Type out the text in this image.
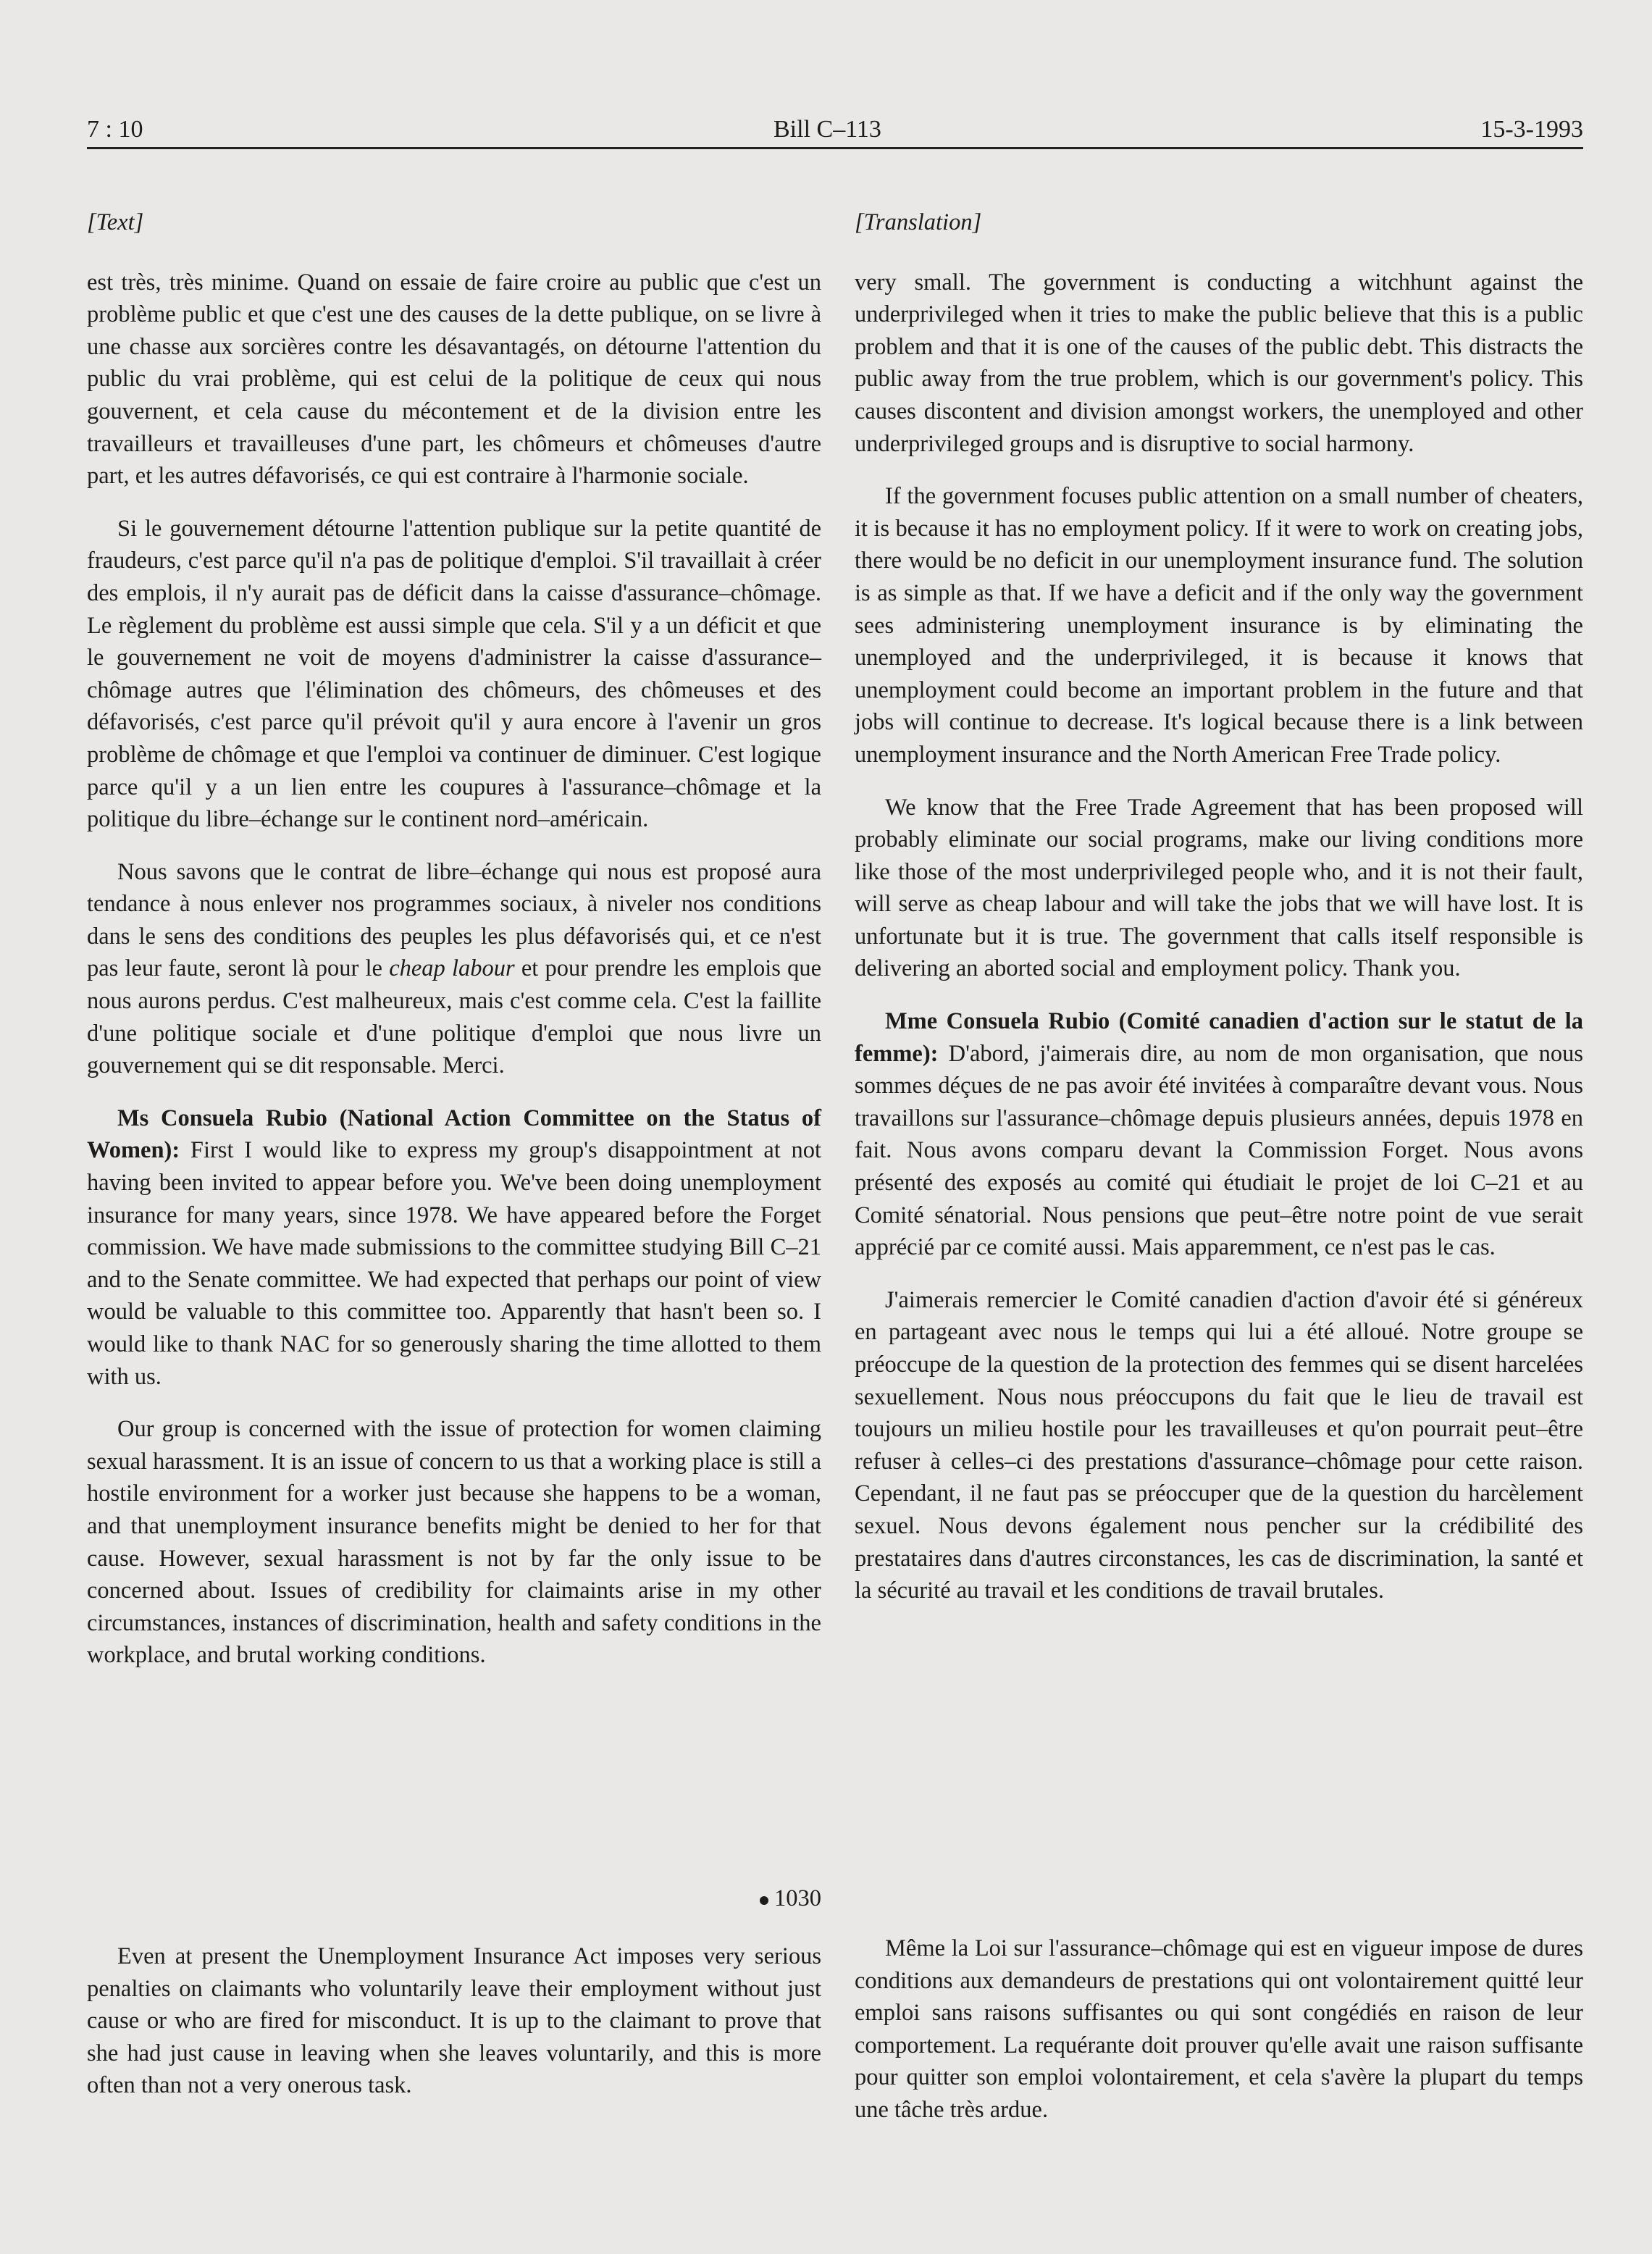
7 : 10	Bill C–113	15-3-1993
[Text]

est très, très minime. Quand on essaie de faire croire au public que c'est un problème public et que c'est une des causes de la dette publique, on se livre à une chasse aux sorcières contre les désavantagés, on détourne l'attention du public du vrai problème, qui est celui de la politique de ceux qui nous gouvernent, et cela cause du mécontement et de la division entre les travailleurs et travailleuses d'une part, les chômeurs et chômeuses d'autre part, et les autres défavorisés, ce qui est contraire à l'harmonie sociale.

Si le gouvernement détourne l'attention publique sur la petite quantité de fraudeurs, c'est parce qu'il n'a pas de politique d'emploi. S'il travaillait à créer des emplois, il n'y aurait pas de déficit dans la caisse d'assurance–chômage. Le règlement du problème est aussi simple que cela. S'il y a un déficit et que le gouvernement ne voit de moyens d'administrer la caisse d'assurance–chômage autres que l'élimination des chômeurs, des chômeuses et des défavorisés, c'est parce qu'il prévoit qu'il y aura encore à l'avenir un gros problème de chômage et que l'emploi va continuer de diminuer. C'est logique parce qu'il y a un lien entre les coupures à l'assurance–chômage et la politique du libre–échange sur le continent nord–américain.

Nous savons que le contrat de libre–échange qui nous est proposé aura tendance à nous enlever nos programmes sociaux, à niveler nos conditions dans le sens des conditions des peuples les plus défavorisés qui, et ce n'est pas leur faute, seront là pour le cheap labour et pour prendre les emplois que nous aurons perdus. C'est malheureux, mais c'est comme cela. C'est la faillite d'une politique sociale et d'une politique d'emploi que nous livre un gouvernement qui se dit responsable. Merci.

Ms Consuela Rubio (National Action Committee on the Status of Women): First I would like to express my group's disappointment at not having been invited to appear before you. We've been doing unemployment insurance for many years, since 1978. We have appeared before the Forget commission. We have made submissions to the committee studying Bill C–21 and to the Senate committee. We had expected that perhaps our point of view would be valuable to this committee too. Apparently that hasn't been so. I would like to thank NAC for so generously sharing the time allotted to them with us.

Our group is concerned with the issue of protection for women claiming sexual harassment. It is an issue of concern to us that a working place is still a hostile environment for a worker just because she happens to be a woman, and that unemployment insurance benefits might be denied to her for that cause. However, sexual harassment is not by far the only issue to be concerned about. Issues of credibility for claimaints arise in my other circumstances, instances of discrimination, health and safety conditions in the workplace, and brutal working conditions.

1030

Even at present the Unemployment Insurance Act imposes very serious penalties on claimants who voluntarily leave their employment without just cause or who are fired for misconduct. It is up to the claimant to prove that she had just cause in leaving when she leaves voluntarily, and this is more often than not a very onerous task.

[Translation]

very small. The government is conducting a witchhunt against the underprivileged when it tries to make the public believe that this is a public problem and that it is one of the causes of the public debt. This distracts the public away from the true problem, which is our government's policy. This causes discontent and division amongst workers, the unemployed and other underprivileged groups and is disruptive to social harmony.

If the government focuses public attention on a small number of cheaters, it is because it has no employment policy. If it were to work on creating jobs, there would be no deficit in our unemployment insurance fund. The solution is as simple as that. If we have a deficit and if the only way the government sees administering unemployment insurance is by eliminating the unemployed and the underprivileged, it is because it knows that unemployment could become an important problem in the future and that jobs will continue to decrease. It's logical because there is a link between unemployment insurance and the North American Free Trade policy.

We know that the Free Trade Agreement that has been proposed will probably eliminate our social programs, make our living conditions more like those of the most underprivileged people who, and it is not their fault, will serve as cheap labour and will take the jobs that we will have lost. It is unfortunate but it is true. The government that calls itself responsible is delivering an aborted social and employment policy. Thank you.

Mme Consuela Rubio (Comité canadien d'action sur le statut de la femme): D'abord, j'aimerais dire, au nom de mon organisation, que nous sommes déçues de ne pas avoir été invitées à comparaître devant vous. Nous travaillons sur l'assurance–chômage depuis plusieurs années, depuis 1978 en fait. Nous avons comparu devant la Commission Forget. Nous avons présenté des exposés au comité qui étudiait le projet de loi C–21 et au Comité sénatorial. Nous pensions que peut–être notre point de vue serait apprécié par ce comité aussi. Mais apparemment, ce n'est pas le cas.

J'aimerais remercier le Comité canadien d'action d'avoir été si généreux en partageant avec nous le temps qui lui a été alloué. Notre groupe se préoccupe de la question de la protection des femmes qui se disent harcelées sexuellement. Nous nous préoccupons du fait que le lieu de travail est toujours un milieu hostile pour les travailleuses et qu'on pourrait peut–être refuser à celles–ci des prestations d'assurance–chômage pour cette raison. Cependant, il ne faut pas se préoccuper que de la question du harcèlement sexuel. Nous devons également nous pencher sur la crédibilité des prestataires dans d'autres circonstances, les cas de discrimination, la santé et la sécurité au travail et les conditions de travail brutales.

Même la Loi sur l'assurance–chômage qui est en vigueur impose de dures conditions aux demandeurs de prestations qui ont volontairement quitté leur emploi sans raisons suffisantes ou qui sont congédiés en raison de leur comportement. La requérante doit prouver qu'elle avait une raison suffisante pour quitter son emploi volontairement, et cela s'avère la plupart du temps une tâche très ardue.
